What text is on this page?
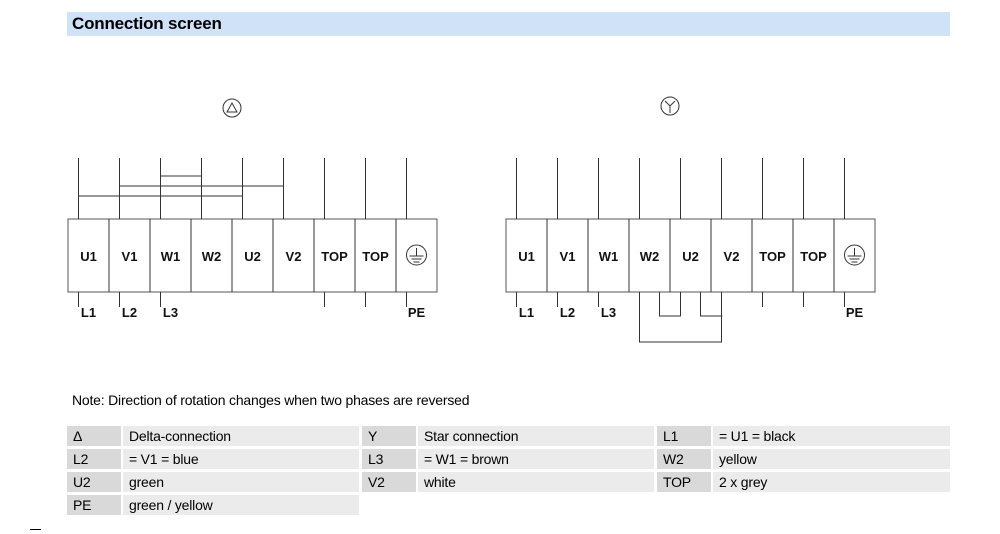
Connection screen
U1 V1 W1 W2 U2 V2 TOP TOP
L1 L2 L3	PE
U1 V1 W1 W2 U2 V2 TOP TOP
L1 L2 L3	PE
Note: Direction of rotation changes when two phases are reversed
Δ	Delta-connection	Y	Star connection	L1	= U1 = black
L2	= V1 = blue	L3	= W1 = brown	W2	yellow
U2	green	V2	white	TOP	2 x grey
PE	green / yellow
